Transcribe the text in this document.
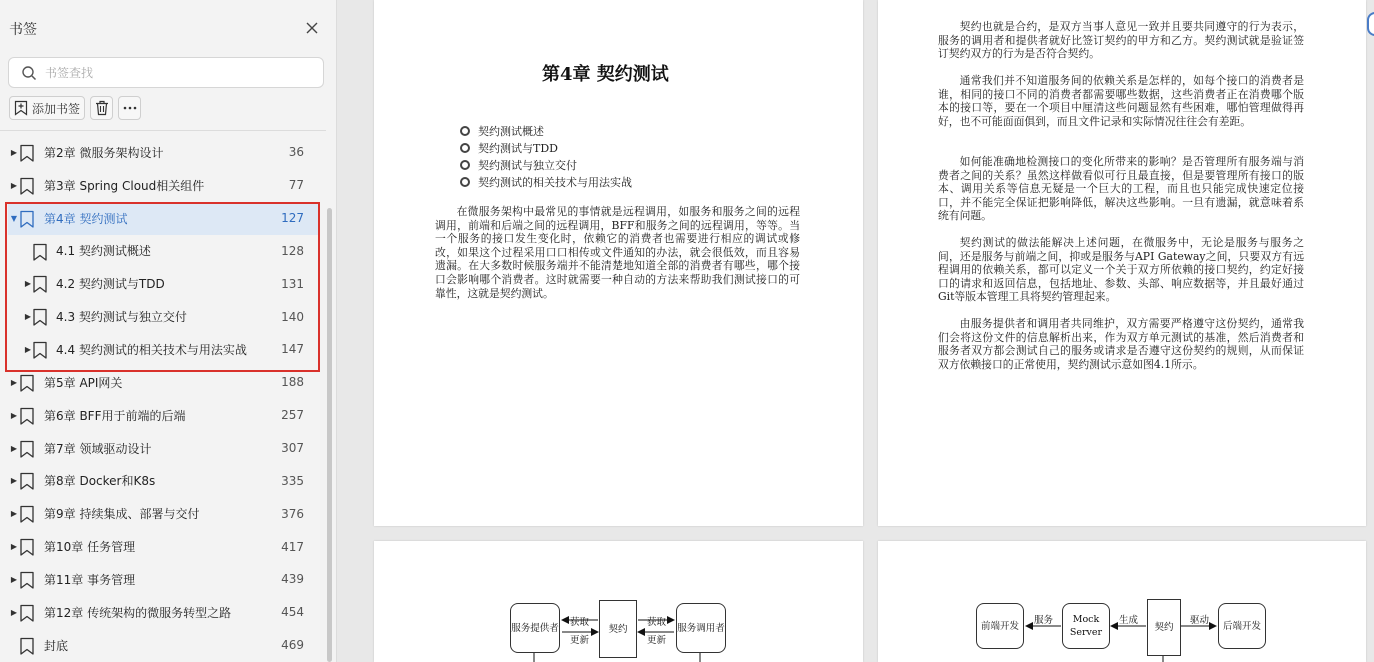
书签
书签查找
添加书签
▶ 第2章 微服务架构设计	36
▶ 第3章 Spring Cloud相关组件	77
▼ 第4章 契约测试	127
4.1 契约测试概述	128
▶ 4.2 契约测试与TDD	131
▶ 4.3 契约测试与独立交付	140
▶ 4.4 契约测试的相关技术与用法实战	147
▶ 第5章 API网关	188
▶ 第6章 BFF用于前端的后端	257
▶ 第7章 领域驱动设计	307
▶ 第8章 Docker和K8s	335
▶ 第9章 持续集成、部署与交付	376
▶ 第10章 任务管理	417
▶ 第11章 事务管理	439
▶ 第12章 传统架构的微服务转型之路	454
封底	469
第4章 契约测试
契约测试概述
契约测试与TDD
契约测试与独立交付
契约测试的相关技术与用法实战
在微服务架构中最常见的事情就是远程调用，如服务和服务之间的远程调用，前端和后端之间的远程调用，BFF和服务之间的远程调用，等等。当一个服务的接口发生变化时，依赖它的消费者也需要进行相应的调试或修改，如果这个过程采用口口相传或文件通知的办法，就会很低效，而且容易遗漏。在大多数时候服务端并不能清楚地知道全部的消费者有哪些，哪个接口会影响哪个消费者。这时就需要一种自动的方法来帮助我们测试接口的可靠性，这就是契约测试。
契约也就是合约，是双方当事人意见一致并且要共同遵守的行为表示，服务的调用者和提供者就好比签订契约的甲方和乙方。契约测试就是验证签订契约双方的行为是否符合契约。
通常我们并不知道服务间的依赖关系是怎样的，如每个接口的消费者是谁，相同的接口不同的消费者都需要哪些数据，这些消费者正在消费哪个版本的接口等，要在一个项目中厘清这些问题显然有些困难，哪怕管理做得再好，也不可能面面俱到，而且文件记录和实际情况往往会有差距。
如何能准确地检测接口的变化所带来的影响？是否管理所有服务端与消费者之间的关系？虽然这样做看似可行且最直接，但是要管理所有接口的版本、调用关系等信息无疑是一个巨大的工程，而且也只能完成快速定位接口，并不能完全保证把影响降低，解决这些影响。一旦有遗漏，就意味着系统有问题。
契约测试的做法能解决上述问题，在微服务中，无论是服务与服务之间，还是服务与前端之间，抑或是服务与API Gateway之间，只要双方有远程调用的依赖关系，都可以定义一个关于双方所依赖的接口契约，约定好接口的请求和返回信息，包括地址、参数、头部、响应数据等，并且最好通过Git等版本管理工具将契约管理起来。
由服务提供者和调用者共同维护，双方需要严格遵守这份契约，通常我们会将这份文件的信息解析出来，作为双方单元测试的基准，然后消费者和服务者双方都会测试自己的服务或请求是否遵守这份契约的规则，从而保证双方依赖接口的正常使用，契约测试示意如图4.1所示。
服务提供者	契约	服务调用者
获取
更新
获取
更新
前端开发
Mock Server	契约	后端开发
服务	生成	驱动
